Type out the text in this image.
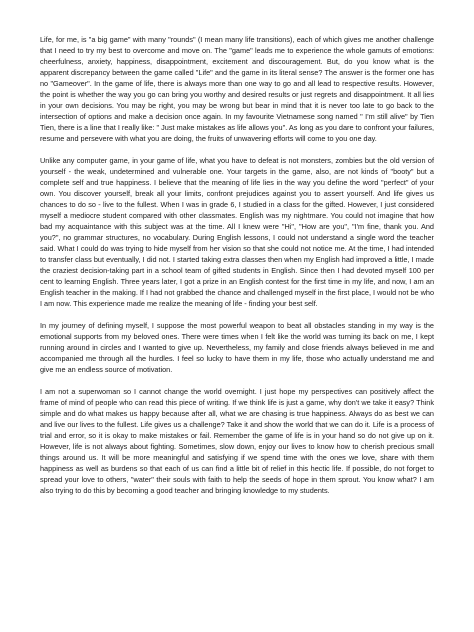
Life, for me, is "a big game" with many "rounds" (I mean many life transitions), each of which gives me another challenge that I need to try my best to overcome and move on. The "game" leads me to experience the whole gamuts of emotions: cheerfulness, anxiety, happiness, disappointment, excitement and discouragement. But, do you know what is the apparent discrepancy between the game called "Life" and the game in its literal sense? The answer is the former one has no "Gameover". In the game of life, there is always more than one way to go and all lead to respective results. However, the point is whether the way you go can bring you worthy and desired results or just regrets and disappointment. It all lies in your own decisions. You may be right, you may be wrong but bear in mind that it is never too late to go back to the intersection of options and make a decision once again. In my favourite Vietnamese song named " I'm still alive" by Tien Tien, there is a line that I really like: " Just make mistakes as life allows you". As long as you dare to confront your failures, resume and persevere with what you are doing, the fruits of unwavering efforts will come to you one day.

Unlike any computer game, in your game of life, what you have to defeat is not monsters, zombies but the old version of yourself - the weak, undetermined and vulnerable one. Your targets in the game, also, are not kinds of "booty" but a complete self and true happiness. I believe that the meaning of life lies in the way you define the word "perfect" of your own. You discover yourself, break all your limits, confront prejudices against you to assert yourself. And life gives us chances to do so - live to the fullest. When I was in grade 6, I studied in a class for the gifted. However, I just considered myself a mediocre student compared with other classmates. English was my nightmare. You could not imagine that how bad my acquaintance with this subject was at the time. All I knew were "Hi", "How are you", "I'm fine, thank you. And you?", no grammar structures, no vocabulary. During English lessons, I could not understand a single word the teacher said. What I could do was trying to hide myself from her vision so that she could not notice me. At the time, I had intended to transfer class but eventually, I did not. I started taking extra classes then when my English had improved a little, I made the craziest decision-taking part in a school team of gifted students in English. Since then I had devoted myself 100 per cent to learning English. Three years later, I got a prize in an English contest for the first time in my life, and now, I am an English teacher in the making. If I had not grabbed the chance and challenged myself in the first place, I would not be who I am now. This experience made me realize the meaning of life - finding your best self.

In my journey of defining myself, I suppose the most powerful weapon to beat all obstacles standing in my way is the emotional supports from my beloved ones. There were times when I felt like the world was turning its back on me, I kept running around in circles and I wanted to give up. Nevertheless, my family and close friends always believed in me and accompanied me through all the hurdles. I feel so lucky to have them in my life, those who actually understand me and give me an endless source of motivation.

I am not a superwoman so I cannot change the world overnight. I just hope my perspectives can positively affect the frame of mind of people who can read this piece of writing. If we think life is just a game, why don't we take it easy? Think simple and do what makes us happy because after all, what we are chasing is true happiness. Always do as best we can and live our lives to the fullest. Life gives us a challenge? Take it and show the world that we can do it. Life is a process of trial and error, so it is okay to make mistakes or fail. Remember the game of life is in your hand so do not give up on it. However, life is not always about fighting. Sometimes, slow down, enjoy our lives to know how to cherish precious small things around us. It will be more meaningful and satisfying if we spend time with the ones we love, share with them happiness as well as burdens so that each of us can find a little bit of relief in this hectic life. If possible, do not forget to spread your love to others, "water" their souls with faith to help the seeds of hope in them sprout. You know what? I am also trying to do this by becoming a good teacher and bringing knowledge to my students.
